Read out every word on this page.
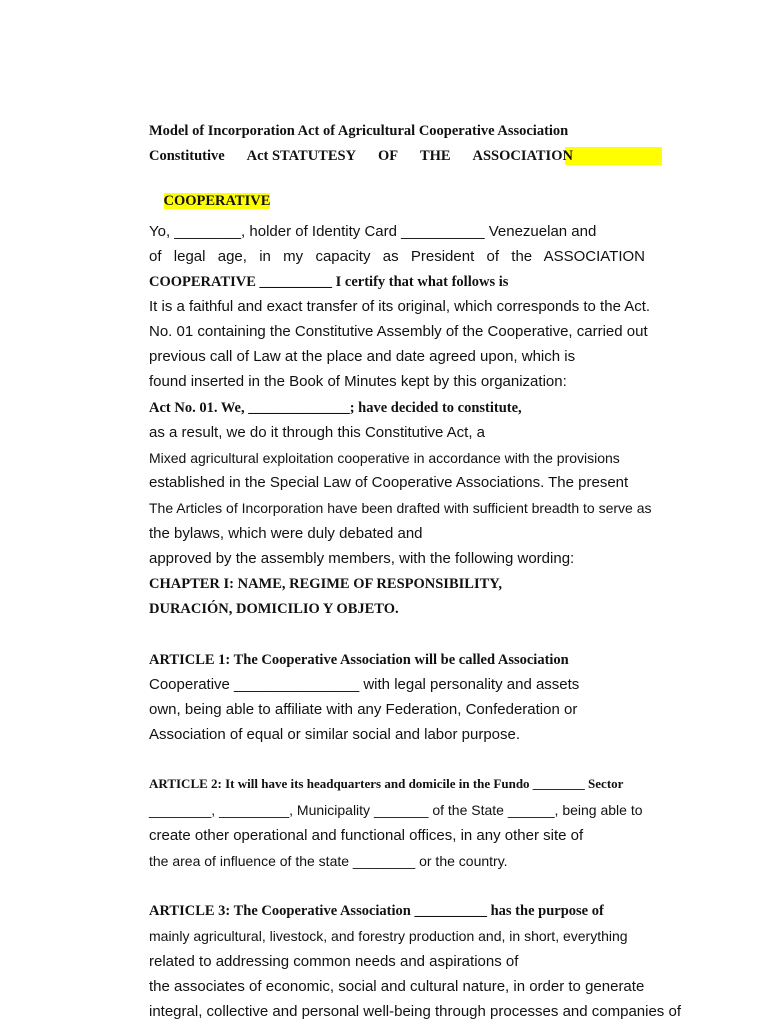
Model of Incorporation Act of Agricultural Cooperative Association
Constitutive Act STATUTESY OF THE ASSOCIATION

COOPERATIVE

Yo, ________, holder of Identity Card __________ Venezuelan and
of legal age, in my capacity as President of the ASSOCIATION
COOPERATIVE __________ I certify that what follows is
It is a faithful and exact transfer of its original, which corresponds to the Act.
No. 01 containing the Constitutive Assembly of the Cooperative, carried out
previous call of Law at the place and date agreed upon, which is
found inserted in the Book of Minutes kept by this organization:
Act No. 01. We, ______________; have decided to constitute,
as a result, we do it through this Constitutive Act, a
Mixed agricultural exploitation cooperative in accordance with the provisions
established in the Special Law of Cooperative Associations. The present
The Articles of Incorporation have been drafted with sufficient breadth to serve as
the bylaws, which were duly debated and
approved by the assembly members, with the following wording:
CHAPTER I: NAME, REGIME OF RESPONSIBILITY,
DURACIÓN, DOMICILIO Y OBJETO.
ARTICLE 1: The Cooperative Association will be called Association
Cooperative _______________ with legal personality and assets
own, being able to affiliate with any Federation, Confederation or
Association of equal or similar social and labor purpose.
ARTICLE 2: It will have its headquarters and domicile in the Fundo ________ Sector
________, _________, Municipality _______ of the State ______, being able to
create other operational and functional offices, in any other site of
the area of influence of the state ________ or the country.
ARTICLE 3: The Cooperative Association __________ has the purpose of
mainly agricultural, livestock, and forestry production and, in short, everything
related to addressing common needs and aspirations of
the associates of economic, social and cultural nature, in order to generate
integral, collective and personal well-being through processes and companies of
